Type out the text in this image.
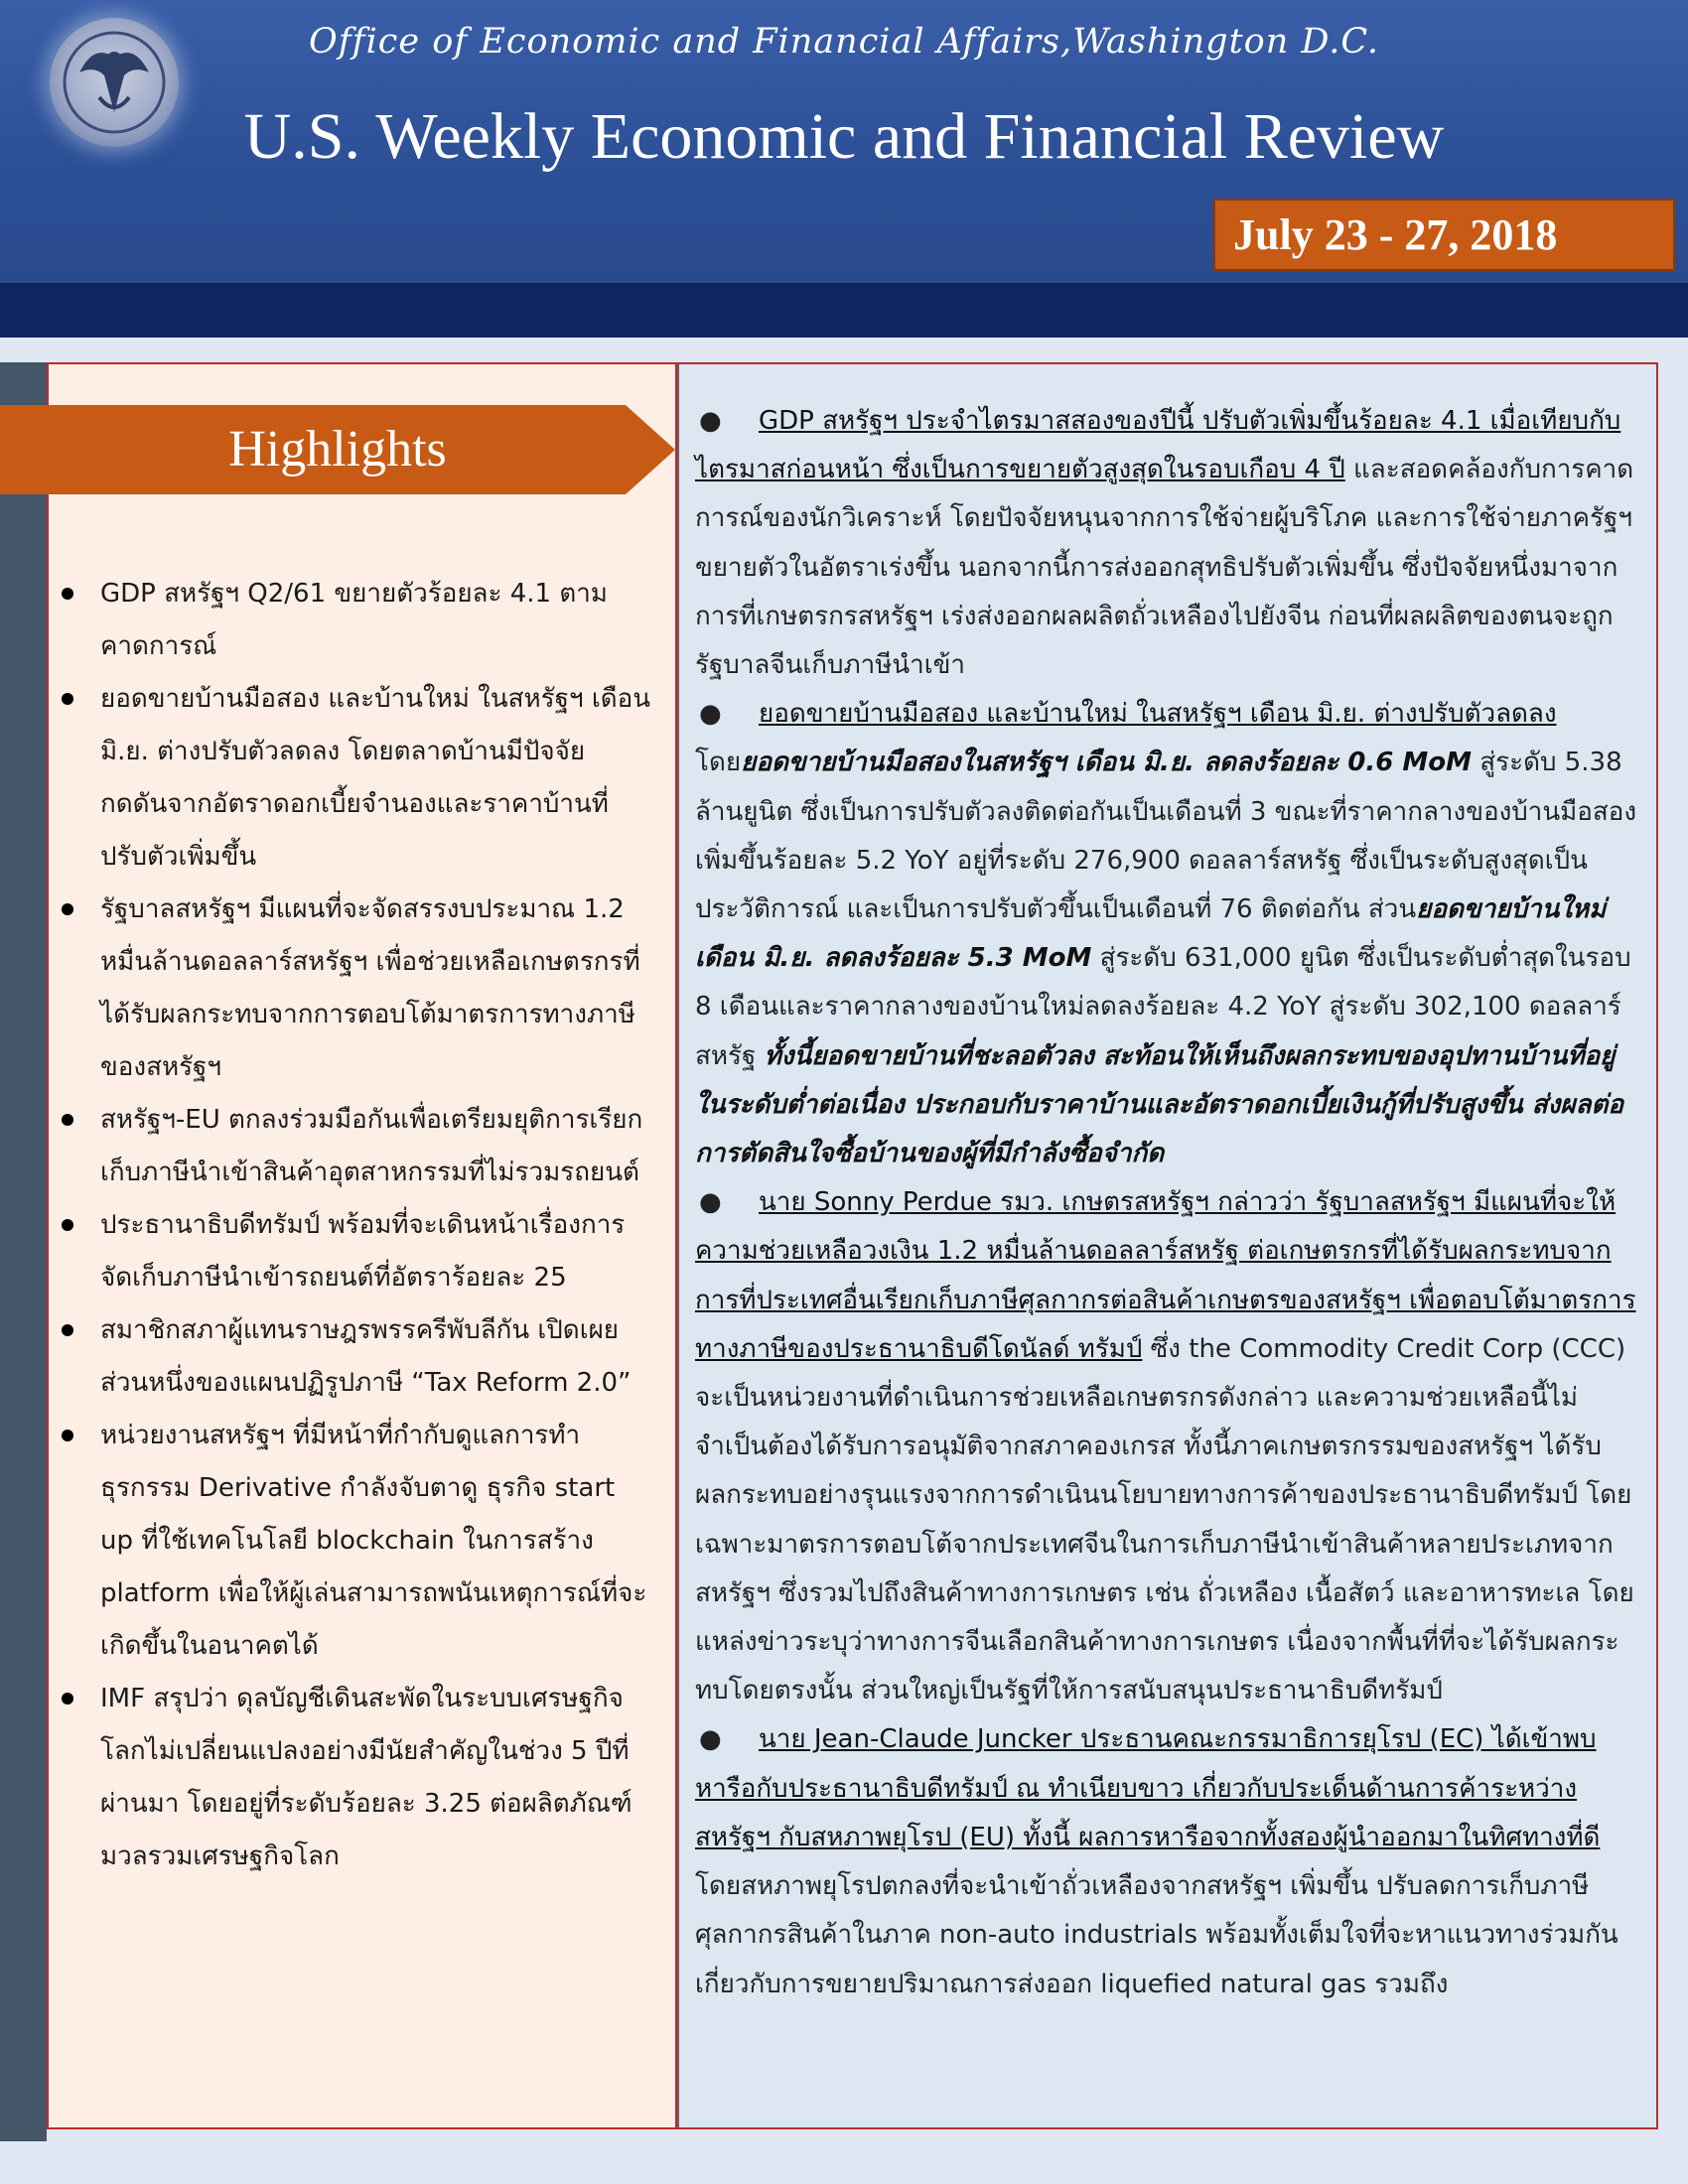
Office of Economic and Financial Affairs,Washington D.C.
U.S. Weekly Economic and Financial Review
July 23 - 27, 2018
Highlights
GDP สหรัฐฯ Q2/61 ขยายตัวร้อยละ 4.1 ตามคาดการณ์
ยอดขายบ้านมือสอง และบ้านใหม่ ในสหรัฐฯ เดือน มิ.ย. ต่างปรับตัวลดลง โดยตลาดบ้านมีปัจจัยกดดันจากอัตราดอกเบี้ยจำนองและราคาบ้านที่ปรับตัวเพิ่มขึ้น
รัฐบาลสหรัฐฯ มีแผนที่จะจัดสรรงบประมาณ 1.2 หมื่นล้านดอลลาร์สหรัฐฯ เพื่อช่วยเหลือเกษตรกรที่ได้รับผลกระทบจากการตอบโต้มาตรการทางภาษีของสหรัฐฯ
สหรัฐฯ-EU ตกลงร่วมมือกันเพื่อเตรียมยุติการเรียกเก็บภาษีนำเข้าสินค้าอุตสาหกรรมที่ไม่รวมรถยนต์
ประธานาธิบดีทรัมป์ พร้อมที่จะเดินหน้าเรื่องการจัดเก็บภาษีนำเข้ารถยนต์ที่อัตราร้อยละ 25
สมาชิกสภาผู้แทนราษฎรพรรครีพับลีกัน เปิดเผยส่วนหนึ่งของแผนปฏิรูปภาษี “Tax Reform 2.0”
หน่วยงานสหรัฐฯ ที่มีหน้าที่กำกับดูแลการทำธุรกรรม Derivative กำลังจับตาดู ธุรกิจ start up ที่ใช้เทคโนโลยี blockchain ในการสร้าง platform เพื่อให้ผู้เล่นสามารถพนันเหตุการณ์ที่จะเกิดขึ้นในอนาคตได้
IMF สรุปว่า ดุลบัญชีเดินสะพัดในระบบเศรษฐกิจโลกไม่เปลี่ยนแปลงอย่างมีนัยสำคัญในช่วง 5 ปีที่ผ่านมา โดยอยู่ที่ระดับร้อยละ 3.25 ต่อผลิตภัณฑ์มวลรวมเศรษฐกิจโลก

● GDP สหรัฐฯ ประจำไตรมาสสองของปีนี้ ปรับตัวเพิ่มขึ้นร้อยละ 4.1 เมื่อเทียบกับไตรมาสก่อนหน้า ซึ่งเป็นการขยายตัวสูงสุดในรอบเกือบ 4 ปี และสอดคล้องกับการคาดการณ์ของนักวิเคราะห์ โดยปัจจัยหนุนจากการใช้จ่ายผู้บริโภค และการใช้จ่ายภาครัฐฯ ขยายตัวในอัตราเร่งขึ้น นอกจากนี้การส่งออกสุทธิปรับตัวเพิ่มขึ้น ซึ่งปัจจัยหนึ่งมาจากการที่เกษตรกรสหรัฐฯ เร่งส่งออกผลผลิตถั่วเหลืองไปยังจีน ก่อนที่ผลผลิตของตนจะถูกรัฐบาลจีนเก็บภาษีนำเข้า

● ยอดขายบ้านมือสอง และบ้านใหม่ ในสหรัฐฯ เดือน มิ.ย. ต่างปรับตัวลดลง
โดยยอดขายบ้านมือสองในสหรัฐฯ เดือน มิ.ย. ลดลงร้อยละ 0.6 MoM สู่ระดับ 5.38 ล้านยูนิต ซึ่งเป็นการปรับตัวลงติดต่อกันเป็นเดือนที่ 3 ขณะที่ราคากลางของบ้านมือสองเพิ่มขึ้นร้อยละ 5.2 YoY อยู่ที่ระดับ 276,900 ดอลลาร์สหรัฐ ซึ่งเป็นระดับสูงสุดเป็นประวัติการณ์ และเป็นการปรับตัวขึ้นเป็นเดือนที่ 76 ติดต่อกัน ส่วนยอดขายบ้านใหม่เดือน มิ.ย. ลดลงร้อยละ 5.3 MoM สู่ระดับ 631,000 ยูนิต ซึ่งเป็นระดับต่ำสุดในรอบ 8 เดือนและราคากลางของบ้านใหม่ลดลงร้อยละ 4.2 YoY สู่ระดับ 302,100 ดอลลาร์สหรัฐ ทั้งนี้ยอดขายบ้านที่ชะลอตัวลง สะท้อนให้เห็นถึงผลกระทบของอุปทานบ้านที่อยู่ในระดับต่ำต่อเนื่อง ประกอบกับราคาบ้านและอัตราดอกเบี้ยเงินกู้ที่ปรับสูงขึ้น ส่งผลต่อการตัดสินใจซื้อบ้านของผู้ที่มีกำลังซื้อจำกัด

● นาย Sonny Perdue รมว. เกษตรสหรัฐฯ กล่าวว่า รัฐบาลสหรัฐฯ มีแผนที่จะให้ความช่วยเหลือวงเงิน 1.2 หมื่นล้านดอลลาร์สหรัฐ ต่อเกษตรกรที่ได้รับผลกระทบจากการที่ประเทศอื่นเรียกเก็บภาษีศุลกากรต่อสินค้าเกษตรของสหรัฐฯ เพื่อตอบโต้มาตรการทางภาษีของประธานาธิบดีโดนัลด์ ทรัมป์ ซึ่ง the Commodity Credit Corp (CCC) จะเป็นหน่วยงานที่ดำเนินการช่วยเหลือเกษตรกรดังกล่าว และความช่วยเหลือนี้ไม่จำเป็นต้องได้รับการอนุมัติจากสภาคองเกรส ทั้งนี้ภาคเกษตรกรรมของสหรัฐฯ ได้รับผลกระทบอย่างรุนแรงจากการดำเนินนโยบายทางการค้าของประธานาธิบดีทรัมป์ โดยเฉพาะมาตรการตอบโต้จากประเทศจีนในการเก็บภาษีนำเข้าสินค้าหลายประเภทจากสหรัฐฯ ซึ่งรวมไปถึงสินค้าทางการเกษตร เช่น ถั่วเหลือง เนื้อสัตว์ และอาหารทะเล โดยแหล่งข่าวระบุว่าทางการจีนเลือกสินค้าทางการเกษตร เนื่องจากพื้นที่ที่จะได้รับผลกระทบโดยตรงนั้น ส่วนใหญ่เป็นรัฐที่ให้การสนับสนุนประธานาธิบดีทรัมป์

● นาย Jean-Claude Juncker ประธานคณะกรรมาธิการยุโรป (EC) ได้เข้าพบหารือกับประธานาธิบดีทรัมป์ ณ ทำเนียบขาว เกี่ยวกับประเด็นด้านการค้าระหว่างสหรัฐฯ กับสหภาพยุโรป (EU) ทั้งนี้ ผลการหารือจากทั้งสองผู้นำออกมาในทิศทางที่ดี โดยสหภาพยุโรปตกลงที่จะนำเข้าถั่วเหลืองจากสหรัฐฯ เพิ่มขึ้น ปรับลดการเก็บภาษีศุลกากรสินค้าในภาค non-auto industrials พร้อมทั้งเต็มใจที่จะหาแนวทางร่วมกัน เกี่ยวกับการขยายปริมาณการส่งออก liquefied natural gas รวมถึง
